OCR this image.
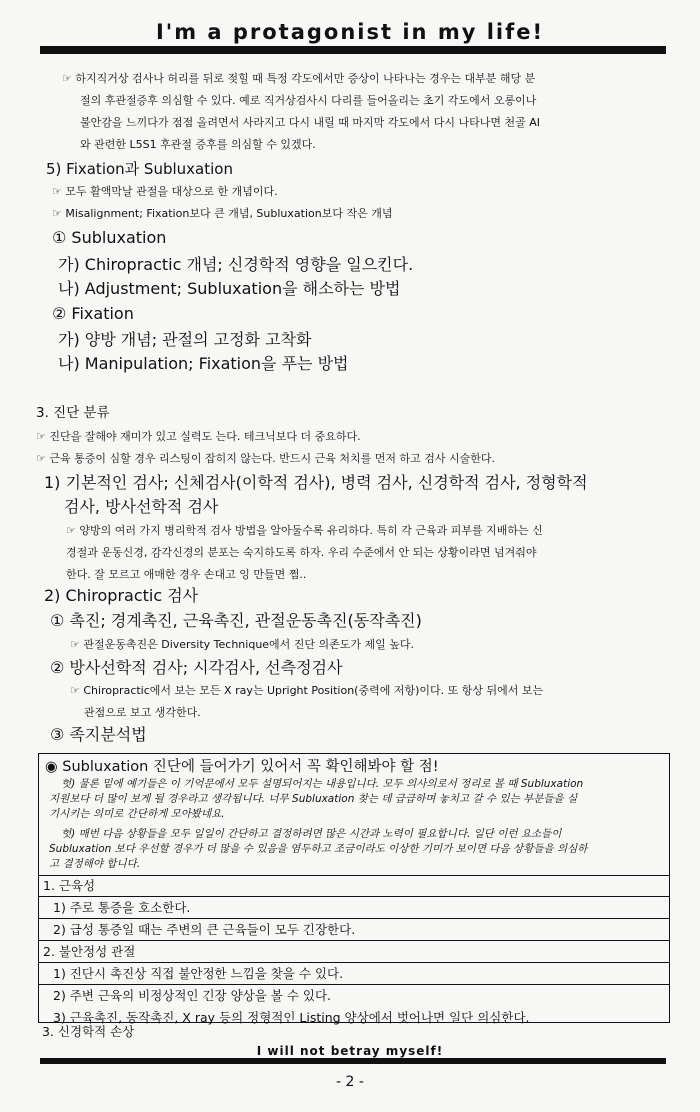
I'm a protagonist in my life!
☞ 하지직거상 검사나 허리를 뒤로 젖힐 때 특정 각도에서만 증상이 나타나는 경우는 대부분 해당 분
절의 후관절증후 의심할 수 있다. 예로 직거상검사시 다리를 들어올리는 초기 각도에서 오롱이나
불안감을 느끼다가 점점 올려면서 사라지고 다시 내릴 때 마지막 각도에서 다시 나타나면 천골 AI
와 관련한 L5S1 후관절 증후를 의심할 수 있겠다.
5) Fixation과 Subluxation
☞ 모두 활액막날 관절을 대상으로 한 개념이다.
☞ Misalignment; Fixation보다 큰 개념, Subluxation보다 작은 개념
① Subluxation
가) Chiropractic 개념; 신경학적 영향을 일으킨다.
나) Adjustment; Subluxation을 해소하는 방법
② Fixation
가) 양방 개념; 관절의 고정화 고착화
나) Manipulation; Fixation을 푸는 방법
3. 진단 분류
☞ 진단을 잘해야 재미가 있고 실력도 는다. 테크닉보다 더 중요하다.
☞ 근육 통증이 심할 경우 리스팅이 잡히지 않는다. 반드시 근육 처치를 먼저 하고 검사 시술한다.
1) 기본적인 검사; 신체검사(이학적 검사), 병력 검사, 신경학적 검사, 정형학적
검사, 방사선학적 검사
☞ 양방의 여러 가지 병리학적 검사 방법을 알아둘수록 유리하다. 특히 각 근육과 피부를 지배하는 신
경절과 운동신경, 감각신경의 분포는 숙지하도록 하자. 우리 수준에서 안 되는 상황이라면 넘겨줘야
한다. 잘 모르고 애매한 경우 손대고 잉 만들면 쩜..
2) Chiropractic 검사
① 촉진; 경계촉진, 근육촉진, 관절운동촉진(동작촉진)
☞ 관절운동촉진은 Diversity Technique에서 진단 의존도가 제일 높다.
② 방사선학적 검사; 시각검사, 선측정검사
☞ Chiropractic에서 보는 모든 X ray는 Upright Position(중력에 저항)이다. 또 항상 뒤에서 보는
관점으로 보고 생각한다.
③ 족지분석법
◉ Subluxation 진단에 들어가기 있어서 꼭 확인해봐야 할 점!
헛) 물론 밑에 예기들은 이 기억문에서 모두 설명되어지는 내용입니다. 모두 의사의로서 정리로 볼 때 Subluxation
지원보다 더 많이 보게 될 경우라고 생각됩니다. 너무 Subluxation 찾는 데 급급하며 놓치고 갈 수 있는 부분들을 실
기시키는 의미로 간단하게 모아봤네요.
헛) 매번 다음 상황들을 모두 일일이 간단하고 결정하려면 많은 시간과 노력이 필요합니다. 일단 이런 요소들이
Subluxation 보다 우선할 경우가 더 많을 수 있음을 염두하고 조금이라도 이상한 기미가 보이면 다음 상황들을 의심하
고 결정해야 합니다.
1. 근육성
1) 주로 통증을 호소한다.
2) 급성 통증일 때는 주변의 큰 근육들이 모두 긴장한다.
2. 불안정성 관절
1) 진단시 촉진상 직접 불안정한 느낌을 찾을 수 있다.
2) 주변 근육의 비정상적인 긴장 양상을 볼 수 있다.
3) 근육촉진, 동작촉진, X ray 등의 정형적인 Listing 양상에서 벗어나면 일단 의심한다.
3. 신경학적 손상
I will not betray myself!
- 2 -
